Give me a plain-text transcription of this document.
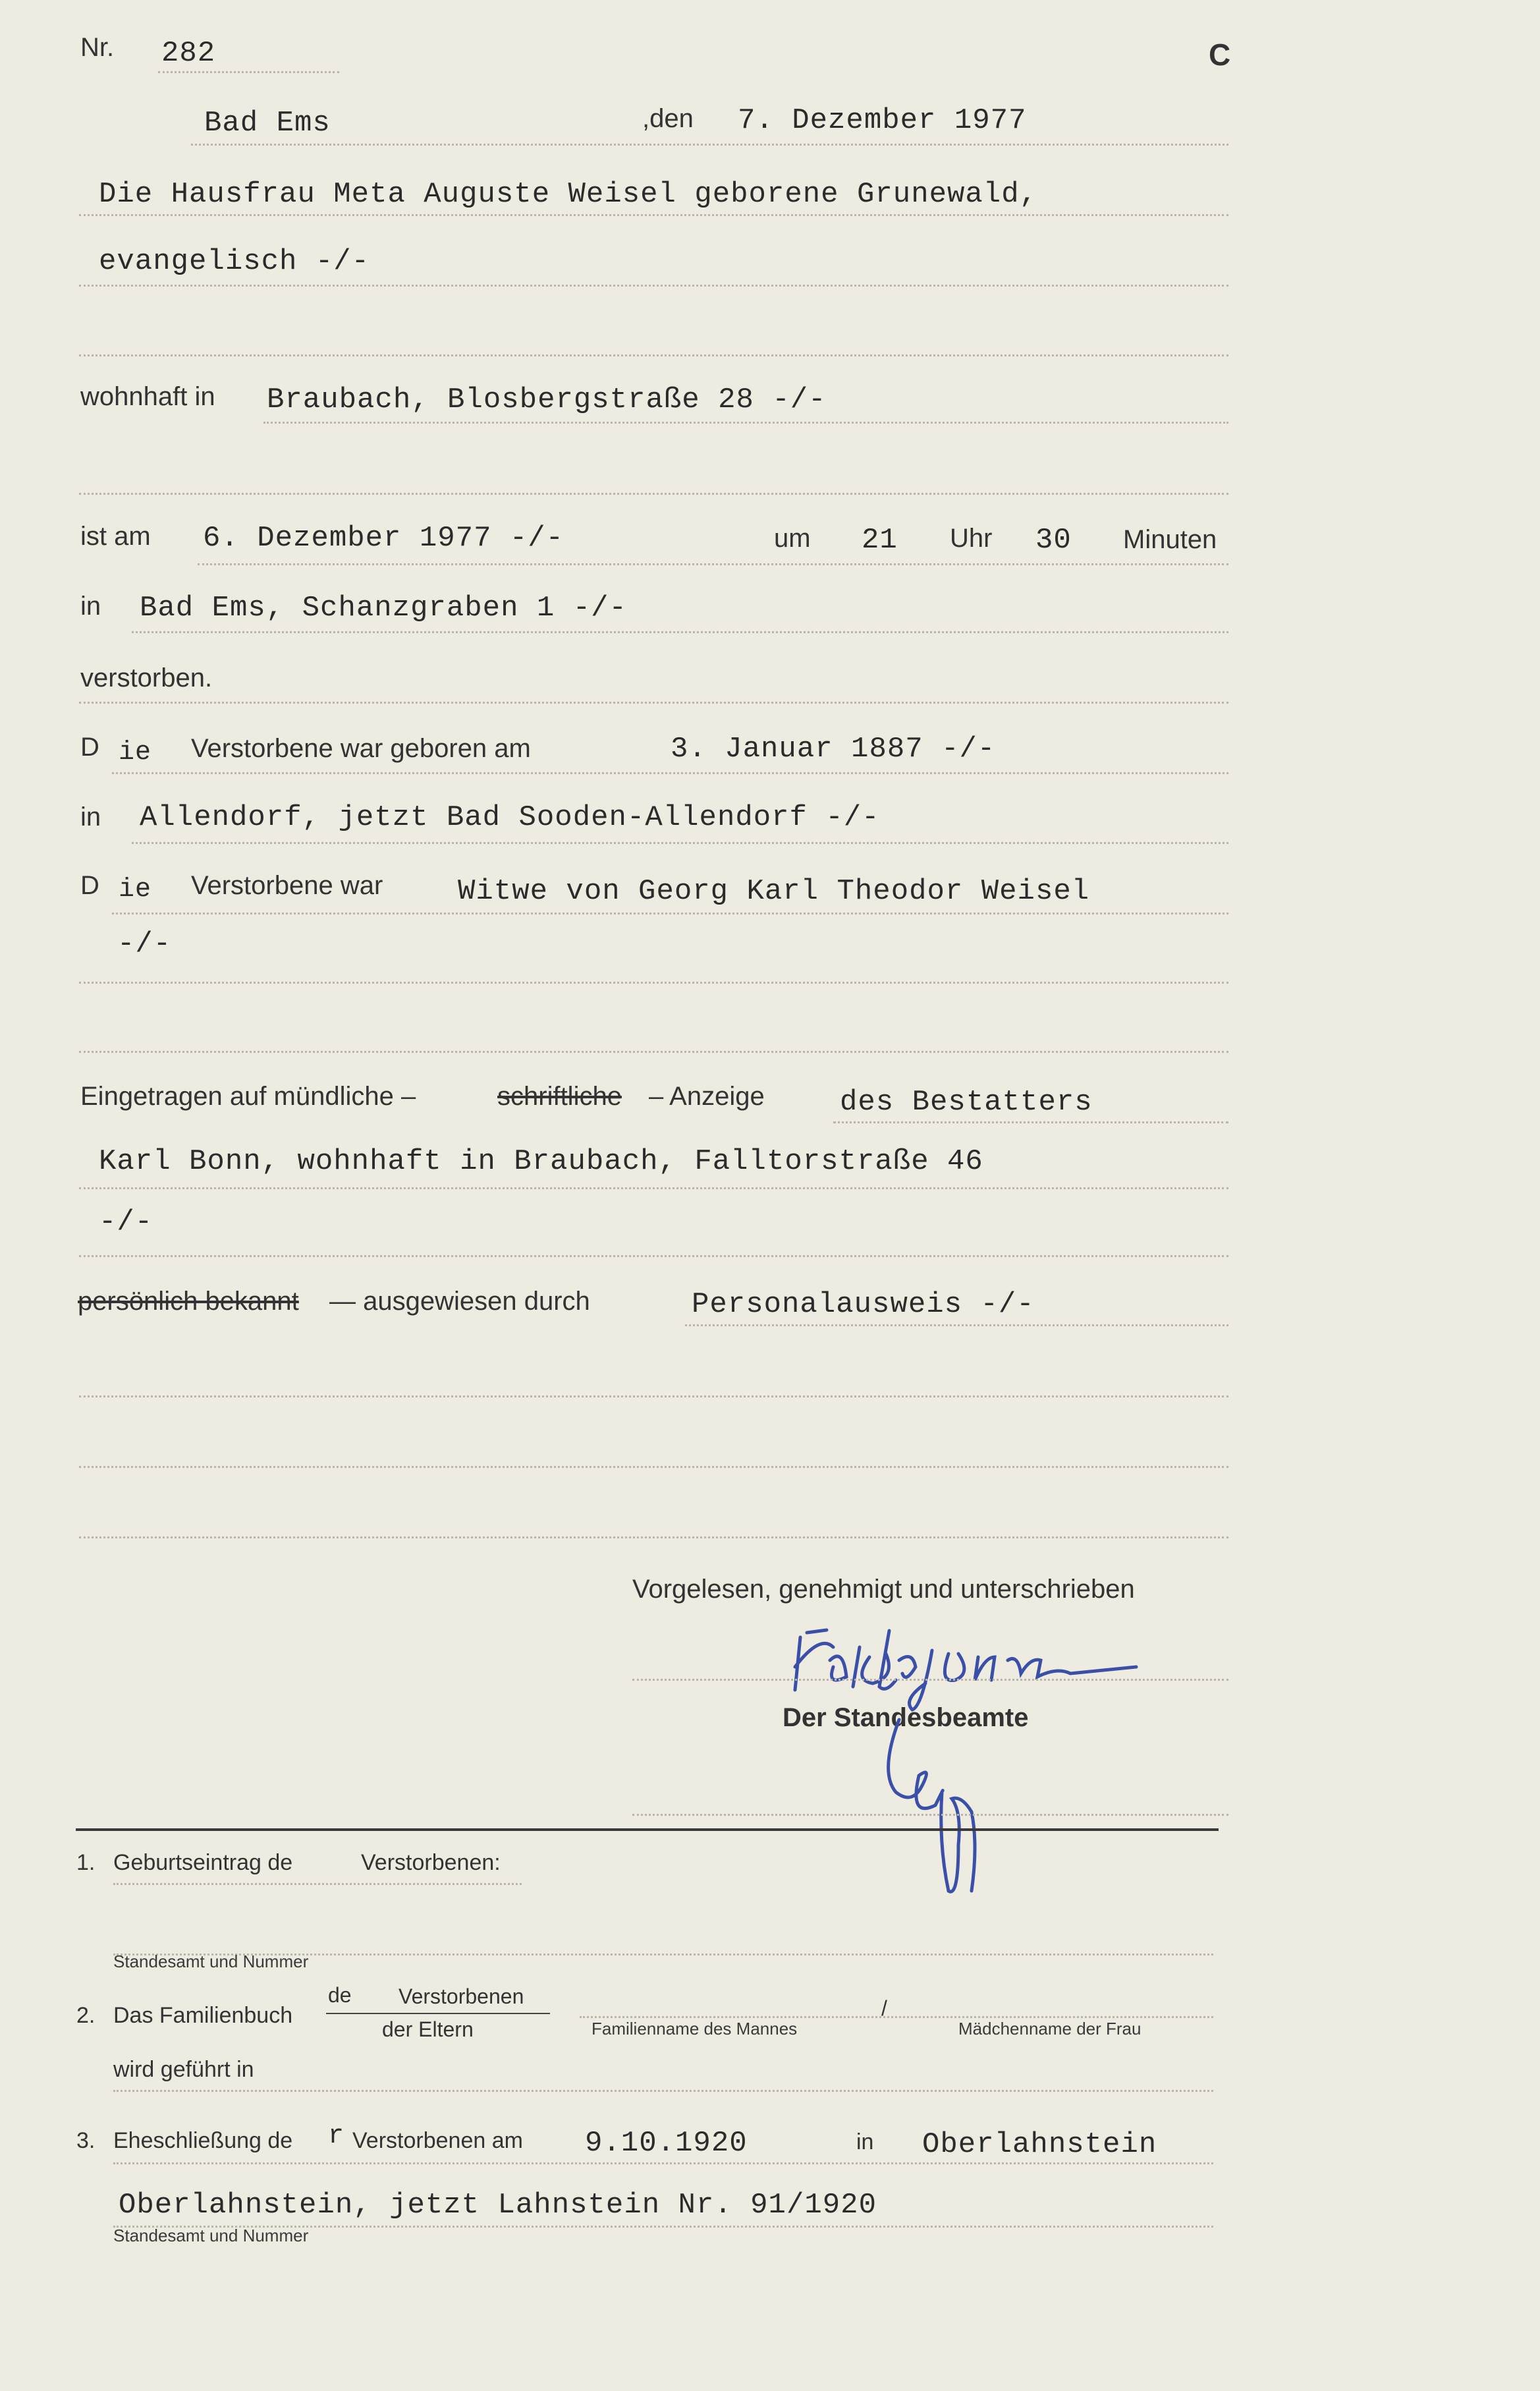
Nr. 282	C
Bad Ems	,den 7. Dezember 1977
Die Hausfrau Meta Auguste Weisel geborene Grunewald,
evangelisch -/-
wohnhaft in Braubach, Blosbergstraße 28 -/-
ist am 6. Dezember 1977 -/-	um 21 Uhr 30 Minuten
in Bad Ems, Schanzgraben 1 -/-
verstorben.
D ie Verstorbene war geboren am	3. Januar 1887 -/-
in Allendorf, jetzt Bad Sooden-Allendorf -/-
D ie Verstorbene war	Witwe von Georg Karl Theodor Weisel
-/-
Eingetragen auf mündliche –	schriftliche – Anzeige	des Bestatters
Karl Bonn, wohnhaft in Braubach, Falltorstraße 46
-/-
persönlich bekannt — ausgewiesen durch	Personalausweis -/-
Vorgelesen, genehmigt und unterschrieben
Der Standesbeamte
1. Geburtseintrag de	Verstorbenen:
Standesamt und Nummer
2. Das Familienbuch
de Verstorbenen
der Eltern	Familienname des Mannes
/
Mädchenname der Frau
wird geführt in
3. Eheschließung de r Verstorbenen am 9.10.1920	in Oberlahnstein
Oberlahnstein, jetzt Lahnstein Nr. 91/1920
Standesamt und Nummer
